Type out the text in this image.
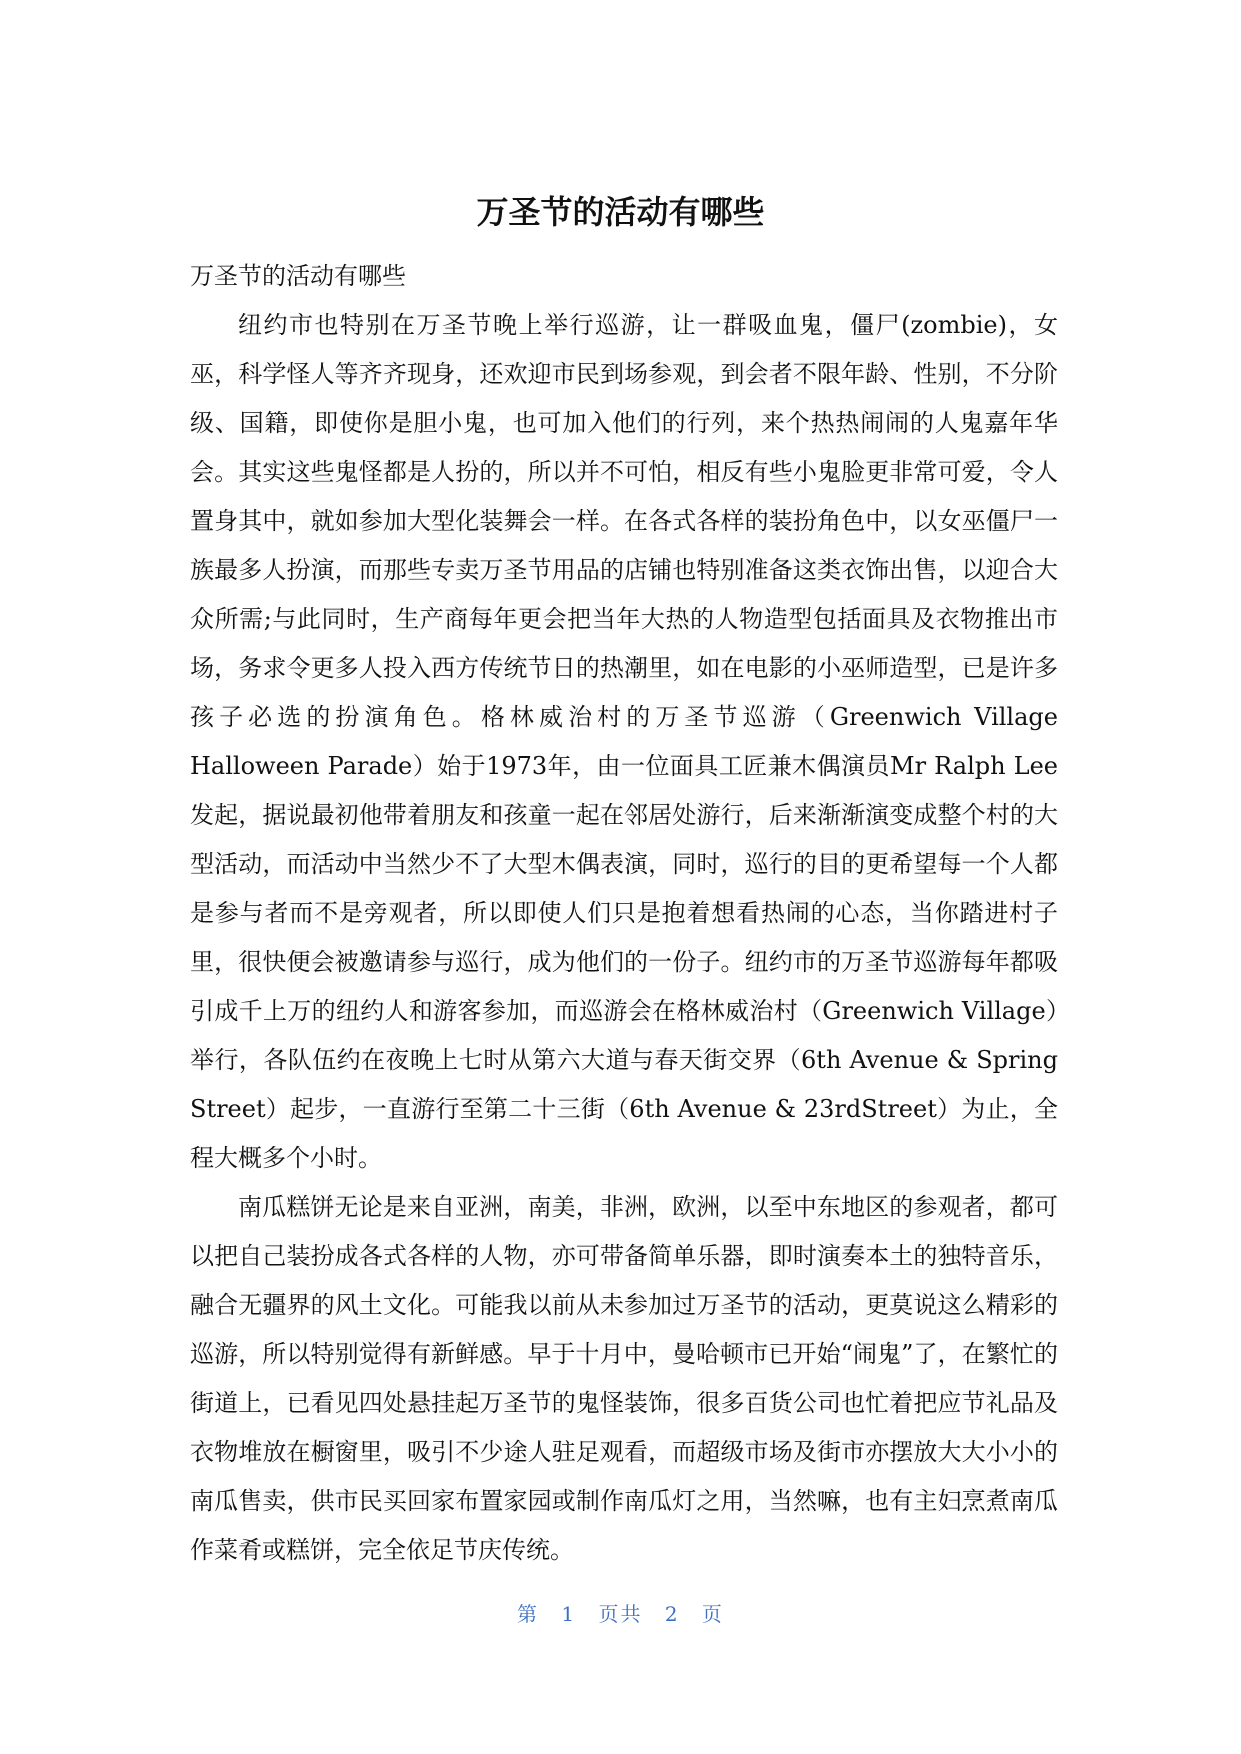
万圣节的活动有哪些

万圣节的活动有哪些

纽约市也特别在万圣节晚上举行巡游，让一群吸血鬼，僵尸(zombie)，女巫，科学怪人等齐齐现身，还欢迎市民到场参观，到会者不限年龄、性别，不分阶级、国籍，即使你是胆小鬼，也可加入他们的行列，来个热热闹闹的人鬼嘉年华会。其实这些鬼怪都是人扮的，所以并不可怕，相反有些小鬼脸更非常可爱，令人置身其中，就如参加大型化装舞会一样。在各式各样的装扮角色中，以女巫僵尸一族最多人扮演，而那些专卖万圣节用品的店铺也特别准备这类衣饰出售，以迎合大众所需;与此同时，生产商每年更会把当年大热的人物造型包括面具及衣物推出市场，务求令更多人投入西方传统节日的热潮里，如在电影的小巫师造型，已是许多孩子必选的扮演角色。格林威治村的万圣节巡游（Greenwich Village Halloween Parade）始于1973年，由一位面具工匠兼木偶演员Mr Ralph Lee发起，据说最初他带着朋友和孩童一起在邻居处游行，后来渐渐演变成整个村的大型活动，而活动中当然少不了大型木偶表演，同时，巡行的目的更希望每一个人都是参与者而不是旁观者，所以即使人们只是抱着想看热闹的心态，当你踏进村子里，很快便会被邀请参与巡行，成为他们的一份子。纽约市的万圣节巡游每年都吸引成千上万的纽约人和游客参加，而巡游会在格林威治村（Greenwich Village）举行，各队伍约在夜晚上七时从第六大道与春天街交界（6th Avenue & Spring Street）起步，一直游行至第二十三街（6th Avenue & 23rdStreet）为止，全程大概多个小时。

南瓜糕饼无论是来自亚洲，南美，非洲，欧洲，以至中东地区的参观者，都可以把自己装扮成各式各样的人物，亦可带备简单乐器，即时演奏本土的独特音乐，融合无疆界的风土文化。可能我以前从未参加过万圣节的活动，更莫说这么精彩的巡游，所以特别觉得有新鲜感。早于十月中，曼哈顿市已开始“闹鬼”了，在繁忙的街道上，已看见四处悬挂起万圣节的鬼怪装饰，很多百货公司也忙着把应节礼品及衣物堆放在橱窗里，吸引不少途人驻足观看，而超级市场及街市亦摆放大大小小的南瓜售卖，供市民买回家布置家园或制作南瓜灯之用，当然嘛，也有主妇烹煮南瓜作菜肴或糕饼，完全依足节庆传统。

第 1 页共 2 页
